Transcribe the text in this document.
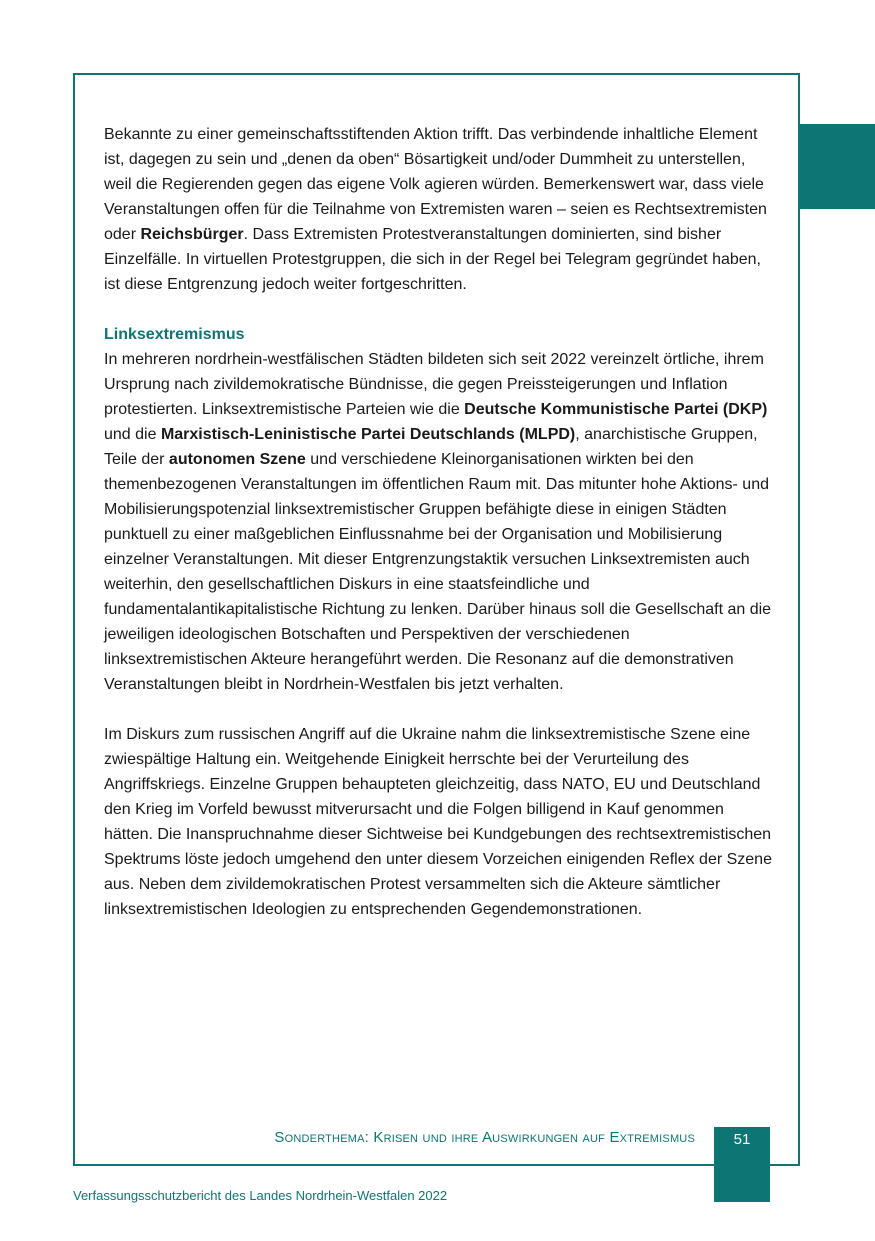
Bekannte zu einer gemeinschaftsstiftenden Aktion trifft. Das verbindende inhaltliche Element ist, dagegen zu sein und „denen da oben“ Bösartigkeit und/oder Dummheit zu unterstellen, weil die Regierenden gegen das eigene Volk agieren würden. Bemerkenswert war, dass viele Veranstaltungen offen für die Teilnahme von Extremisten waren – seien es Rechtsextremisten oder Reichsbürger. Dass Extremisten Protestveranstaltungen dominierten, sind bisher Einzelfälle. In virtuellen Protestgruppen, die sich in der Regel bei Telegram gegründet haben, ist diese Entgrenzung jedoch weiter fortgeschritten.

Linksextremismus

In mehreren nordrhein-westfälischen Städten bildeten sich seit 2022 vereinzelt örtliche, ihrem Ursprung nach zivildemokratische Bündnisse, die gegen Preissteigerungen und Inflation protestierten. Linksextremistische Parteien wie die Deutsche Kommunistische Partei (DKP) und die Marxistisch-Leninistische Partei Deutschlands (MLPD), anarchistische Gruppen, Teile der autonomen Szene und verschiedene Kleinorganisationen wirkten bei den themenbezogenen Veranstaltungen im öffentlichen Raum mit. Das mitunter hohe Aktions- und Mobilisierungspotenzial linksextremistischer Gruppen befähigte diese in einigen Städten punktuell zu einer maßgeblichen Einflussnahme bei der Organisation und Mobilisierung einzelner Veranstaltungen. Mit dieser Entgrenzungstaktik versuchen Linksextremisten auch weiterhin, den gesellschaftlichen Diskurs in eine staatsfeindliche und fundamentalantikapitalistische Richtung zu lenken. Darüber hinaus soll die Gesellschaft an die jeweiligen ideologischen Botschaften und Perspektiven der verschiedenen linksextremistischen Akteure herangeführt werden. Die Resonanz auf die demonstrativen Veranstaltungen bleibt in Nordrhein-Westfalen bis jetzt verhalten.

Im Diskurs zum russischen Angriff auf die Ukraine nahm die linksextremistische Szene eine zwiespältige Haltung ein. Weitgehende Einigkeit herrschte bei der Verurteilung des Angriffskriegs. Einzelne Gruppen behaupteten gleichzeitig, dass NATO, EU und Deutschland den Krieg im Vorfeld bewusst mitverursacht und die Folgen billigend in Kauf genommen hätten. Die Inanspruchnahme dieser Sichtweise bei Kundgebungen des rechtsextremistischen Spektrums löste jedoch umgehend den unter diesem Vorzeichen einigenden Reflex der Szene aus. Neben dem zivildemokratischen Protest versammelten sich die Akteure sämtlicher linksextremistischen Ideologien zu entsprechenden Gegendemonstrationen.

Sonderthema: Krisen und ihre Auswirkungen auf Extremismus	51
Verfassungsschutzbericht des Landes Nordrhein-Westfalen 2022
